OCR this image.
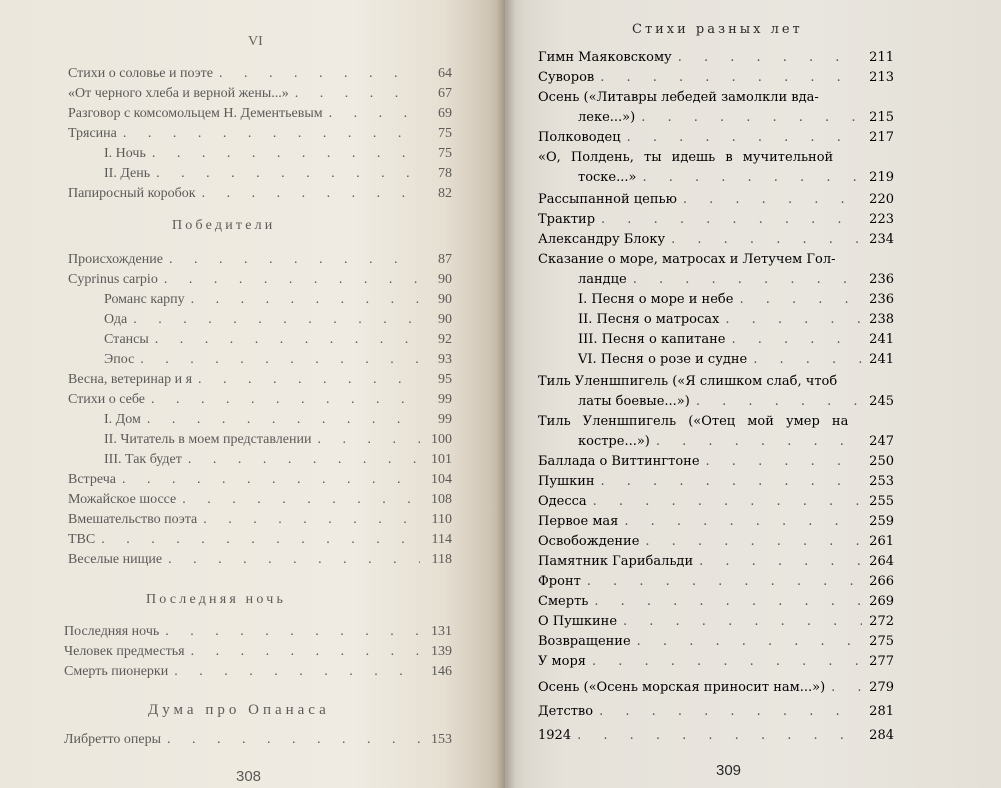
VI
Стихи о соловье и поэте . . .	64
«От черного хлеба и верной жены...» . . .	67
Разговор с комсомольцем Н. Дементьевым . . .	69
Трясина . . .	75
I. Ночь . . .	75
II. День . . .	78
Папиросный коробок . . .	82
Победители
Происхождение . . .	87
Cyprinus carpio . . .	90
Романс карпу . . .	90
Ода . . .	90
Стансы . . .	92
Эпос . . .	93
Весна, ветеринар и я . . .	95
Стихи о себе . . .	99
I. Дом . . .	99
II. Читатель в моем представлении . . .	100
III. Так будет . . .	101
Встреча . . .	104
Можайское шоссе . . .	108
Вмешательство поэта . . .	110
ТВС . . .	114
Веселые нищие . . .	118
Последняя ночь
Последняя ночь . . .	131
Человек предместья . . .	139
Смерть пионерки . . .	146
Дума про Опанаса
Либретто оперы . . .	153
308
Стихи разных лет
Гимн Маяковскому . . .	211
Суворов . . .	213
Осень («Литавры лебедей замолкли вда-
леке...») . . .	215
Полководец . . .	217
«О, Полдень, ты идешь в мучительной
тоске...» . . .	219
Рассыпанной цепью . . .	220
Трактир . . .	223
Александру Блоку . . .	234
Сказание о море, матросах и Летучем Гол-
ландце . . .	236
I. Песня о море и небе . . .	236
II. Песня о матросах . . .	238
III. Песня о капитане . . .	241
VI. Песня о розе и судне . . .	241
Тиль Уленшпигель («Я слишком слаб, чтоб
латы боевые...») . . .	245
Тиль Уленшпигель («Отец мой умер на
костре...») . . .	247
Баллада о Виттингтоне . . .	250
Пушкин . . .	253
Одесса . . .	255
Первое мая . . .	259
Освобождение . . .	261
Памятник Гарибальди . . .	264
Фронт . . .	266
Смерть . . .	269
О Пушкине . . .	272
Возвращение . . .	275
У моря . . .	277
Осень («Осень морская приносит нам...») . . .	279
Детство . . .	281
1924 . . .	284
309
